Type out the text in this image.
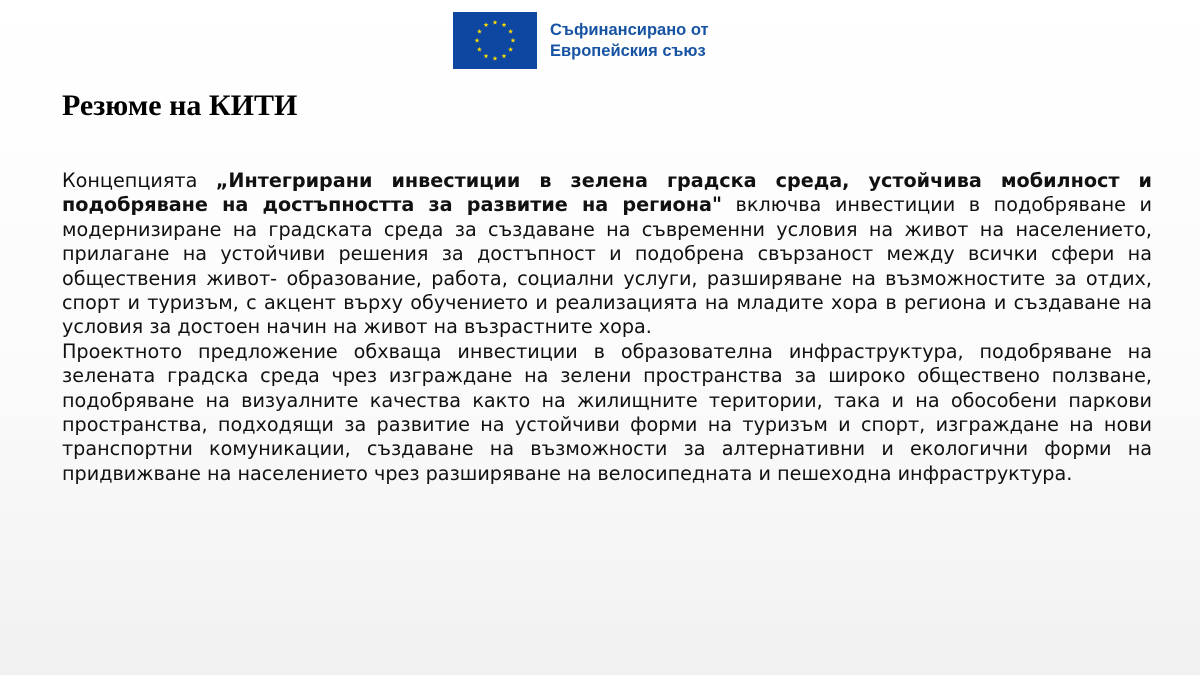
Съфинансирано от
Европейския съюз
Резюме на КИТИ

Концепцията „Интегрирани инвестиции в зелена градска среда, устойчива мобилност и подобряване на достъпността за развитие на региона" включва инвестиции в подобряване и модернизиране на градската среда за създаване на съвременни условия на живот на населението, прилагане на устойчиви решения за достъпност и подобрена свързаност между всички сфери на обществения живот- образование, работа, социални услуги, разширяване на възможностите за отдих, спорт и туризъм, с акцент върху обучението и реализацията на младите хора в региона и създаване на условия за достоен начин на живот на възрастните хора.

Проектното предложение обхваща инвестиции в образователна инфраструктура, подобряване на зелената градска среда чрез изграждане на зелени пространства за широко обществено ползване, подобряване на визуалните качества както на жилищните територии, така и на обособени паркови пространства, подходящи за развитие на устойчиви форми на туризъм и спорт, изграждане на нови транспортни комуникации, създаване на възможности за алтернативни и екологични форми на придвижване на населението чрез разширяване на велосипедната и пешеходна инфраструктура.
